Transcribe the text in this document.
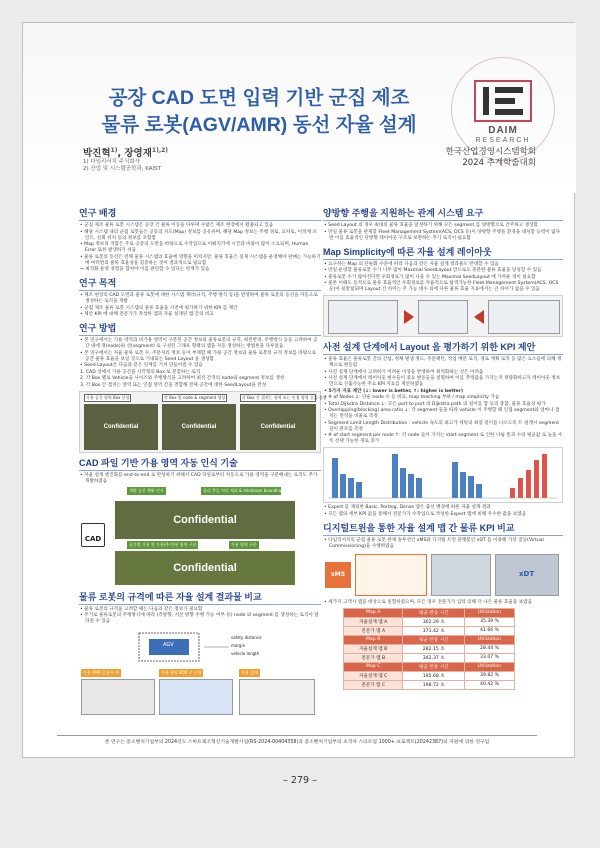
공장 CAD 도면 입력 기반 군집 제조
물류 로봇(AGV/AMR) 동선 자율 설계	DAIM
RESEARCH
박진혁$^{1)}$, 장영재$^{1),2)}$
1) 다임리서치 주식회사
2) 산업 및 시스템공학과, KAIST
한국산업경영시스템학회
2024 추계학술대회
연구 배경

• 군집 제조 물류 로봇 시스템은 공장 간 물류 이동을 다루며 수많은 제조 현장에서 활용되고 있음

• 해당 시스템 내의 군집 로봇들은 공동의 지도(Map) 정보를 공유하며, 해당 Map 정보는 주행 경로, 교차로, 이적재 포인트, 선회 위치 등의 정보를 포함함

• Map 정보의 적합은 주로 공장의 도면을 바탕으로 수작업으로 이뤄지기에 시간과 비용이 많이 소요되며, Human Error 또한 발생하기 쉬움

• 물류 로봇의 동선은 전체 물류 시스템의 효율에 영향을 미치지만, 물류 효율은 실제 시스템을 운영해야 판매는 가능하기에 여러번의 물류 효율성을 검증하는 것이 결과적으로 필요함

→ 최적화 운영 경험을 합쳐야 이를 판단할 수 있다는 한계가 있음

연구 목적

• 제조 현장의 CAD 도면과 물류 로봇에 대한 시스템 제약(규격, 주행 방식 등)을 반영하여 물류 로봇의 동선을 자동으로 생성하는 로직을 개발

• 군집 제조 물류 로봇 시스템의 물류 효율을 사전에 평가하기 위한 KPI 를 제안

• 제안 KPI 에 대해 전문가가 작성한 맵과 자율 설계된 맵 간의 비교

연구 방법

• 본 연구에서는 가용 영역과 비가용 영역이 구분된 공간 정보와 물류로봇의 규격, 최전반경, 주행방식 등을 고려하여 공간 내에 경(node)와 선(segment) 로 구성된 그래프 형태의 맵을 자동 생성하는 방법론을 다루었음

• 본 연구에서는 자율 물류 로봇 수, 주문처리 정보 등이 부재할 때 가용 공간 정보와 물류 로봇의 규격 정보를 바탕으로 공간 물류 효율을 보일 것으로 기대되는 Seed Layout 을 생성함

• Seed Layout은 다음과 같은 단계를 거쳐 만들어질 수 있음

1. CAD 상에서 가용 공간을 사각형의 Box 로 분할하는 로직

2. 각 Box 별로 Vehicle을 사이즈와 주행방식을 고려하여 최적 간격의 node와 segment 정보를 생성

3. 각 Box 간 겹치는 영역 또는 인접 영역 간을 결합해 전체 공간에 대한 SeedLayout을 완성

가용 공간 영역 Box 분할	각 Box 별 node & segment 생성	각 Box 간 겹치는 영역 또는 인접 영역 간을 결합
Confidential	Confidential	Confidential
CAD 파일 기반 가용 영역 자동 인식 기술

• 자율 설계 엔진화를 end-to-end 로 완성하기 위해서 CAD 파일로부터 자동으로 가용 영역을 구분해내는 로직도 추가 개발하였음

CAD
개별 공간 채워 인식	물리 충돌 처리 제외 & minimum bounding rectangle 확보
Confidential
공간별 가용 면 가용(추가)된 영역 구분	가용 영역 구분
Confidential
물류 로봇의 규격에 따른 자율 설계 결과물 비교

• 물류 로봇의 규격을 고려할 때는 다음과 같은 정보가 필요함

• 주거로 물류로봇의 주행방식에 따라 (측방향, 서선 방향 주행 가능 여부 등) node 와 segment 를 생성하는 로직이 달라질 수 있음

AGV
safety distance
margin
vehicle length
가용 AMR 일용이 예	가용 영역 BOX 로 분할	자율 설계
양방향 주행을 지원하는 관계 시스템 요구

• Seed Layout 의 경우 최대의 물류 효율을 달성하기 위해 모든 segment 를 양방향으로 간주하고 생성함

• 만일 물류 로봇을 관제할 Fleet Management System(ACS, OCS 등)이 양방향 주행을 환경을 대처할 능력이 없다면 이를 효율적인 단방향 레이아웃 구조로 보완하는 추가 로직이 필요함

Map Simplicity에 따른 자율 설계 레이아웃

• 요구하는 Map 의 단순화 수준에 따라 다음과 같은 자율 설계 결과물도 반대할 수 있음

• 만일 운영할 물류로봇 수가 너무 많아 Maximal SeedLayout 만으로도 충분한 물류 효율을 달성할 수 있음

• 물류로봇 수가 많아진다면 우회경로가 많이 나을 수 있는 Maximal SeedLayout 에 가까운 경이 필요함

• 물론 이때도 동적으로 물류 효율적인 우회경로를 자율적으로 탐색가능한 Fleet Management System(ACS, OCS 등)이 뒷받침되며 Layout 간 차이는 주 가능 대수 외에 다른 물류 효율 지표에서는 큰 차이가 없을 수 있음

사전 설계 단계에서 Layout 을 평가하기 위한 KPI 제안

• 물류 효율은 물류로봇 간의 간섭, 정체 발생 정도, 주문패턴, 작업 배분 로직, 경로 계획 로직 등 많은 요소들에 의해 정책으로 변동됨

• 사전 설계 단계에서 고려하기 어려운 이상을 반영하여 최적화하는 것은 어려움

• 사전 설계 단계에서 레이아웃 변수들이 중요 변동들을 설명하여 이를 추정값을 가지는지 정량화하고자 레이아웃 정보만으로 산출가능한 주요 KPI 지표를 제안하였음

• 5가지 지표 제안 (↓: lower is better, ↑: higher is better)

• # of Nodes ↓: 단순 node 수 등 비교, map teaching 부하 / map simplicity 가늠

• Total Dijkstra Distance ↓: 모든 port to port 의 Dijkstra path 의 길이를 합 등의 총합, 물류 효율성 평가

• Overlapping(blocking) area ratio ↓: 각 segment 들을 따라 vehicle 이 주행할 때 인접 segment와 얼마나 겹치는 면적을 비율로 측정

• Segment Limit Length Distribution : vehicle 속도의 최고가 세팅의 최장 길이를 나오도록 트 설계시 segment 길이 분포를 측정

• # of start segment per node ↑: 각 node 들이 가지는 start segment 로 인한 나뉨 통과 수의 평균값 로 높을 수록 선택 가능한 경로 증가

• Expert 를 제외한 Basic, Portlog, Dense 맵은 출선 밴경에 따른 자율 설계 결과

• 모든 맵의 세부 KPI 값을 통해서 전문가가 수작업으로 작성한 Expert 맵에 비해 우수한 값을 보였음

디지털트윈을 통한 자율 설계 맵 간 물류 KPI 비교

• 다임리서치의 군집 물류 로봇 관제 솔루션인 xMS와 디지털 트윈 플랫폼인 xDT 를 이용해 가상 점등(Virtual Commissioning)을 수행하였음

xMS	xDT

• 세가지 고객사 맵을 대상으로 실험하였으며, 모든 경우 전문가가 입력 의해 더 나은 물류 효율을 보였음

Map A	평균 반송 시간	Utilization
자율설계 맵 A	302.29 초	35.39 %
전문가 맵 A	371.42 초	41.66 %
Map B	평균 반송 시간	Utilization
자율설계 맵 B	282.15 초	28.44 %
전문가 맵 B	342.37 초	33.07 %
Map C	평균 반송 시간	Utilization
자율설계 맵 C	195.68 초	39.82 %
전문가 맵 C	198.72 초	40.42 %
본 연구는 중소벤처기업부의 2024년도 스마트제조혁신기술개발사업(RS-2024-00404358)과 중소벤처기업부의 초격차 스타트업 1000+ 프로젝트(20242387)의 지원에 의한 연구임
– 279 –
